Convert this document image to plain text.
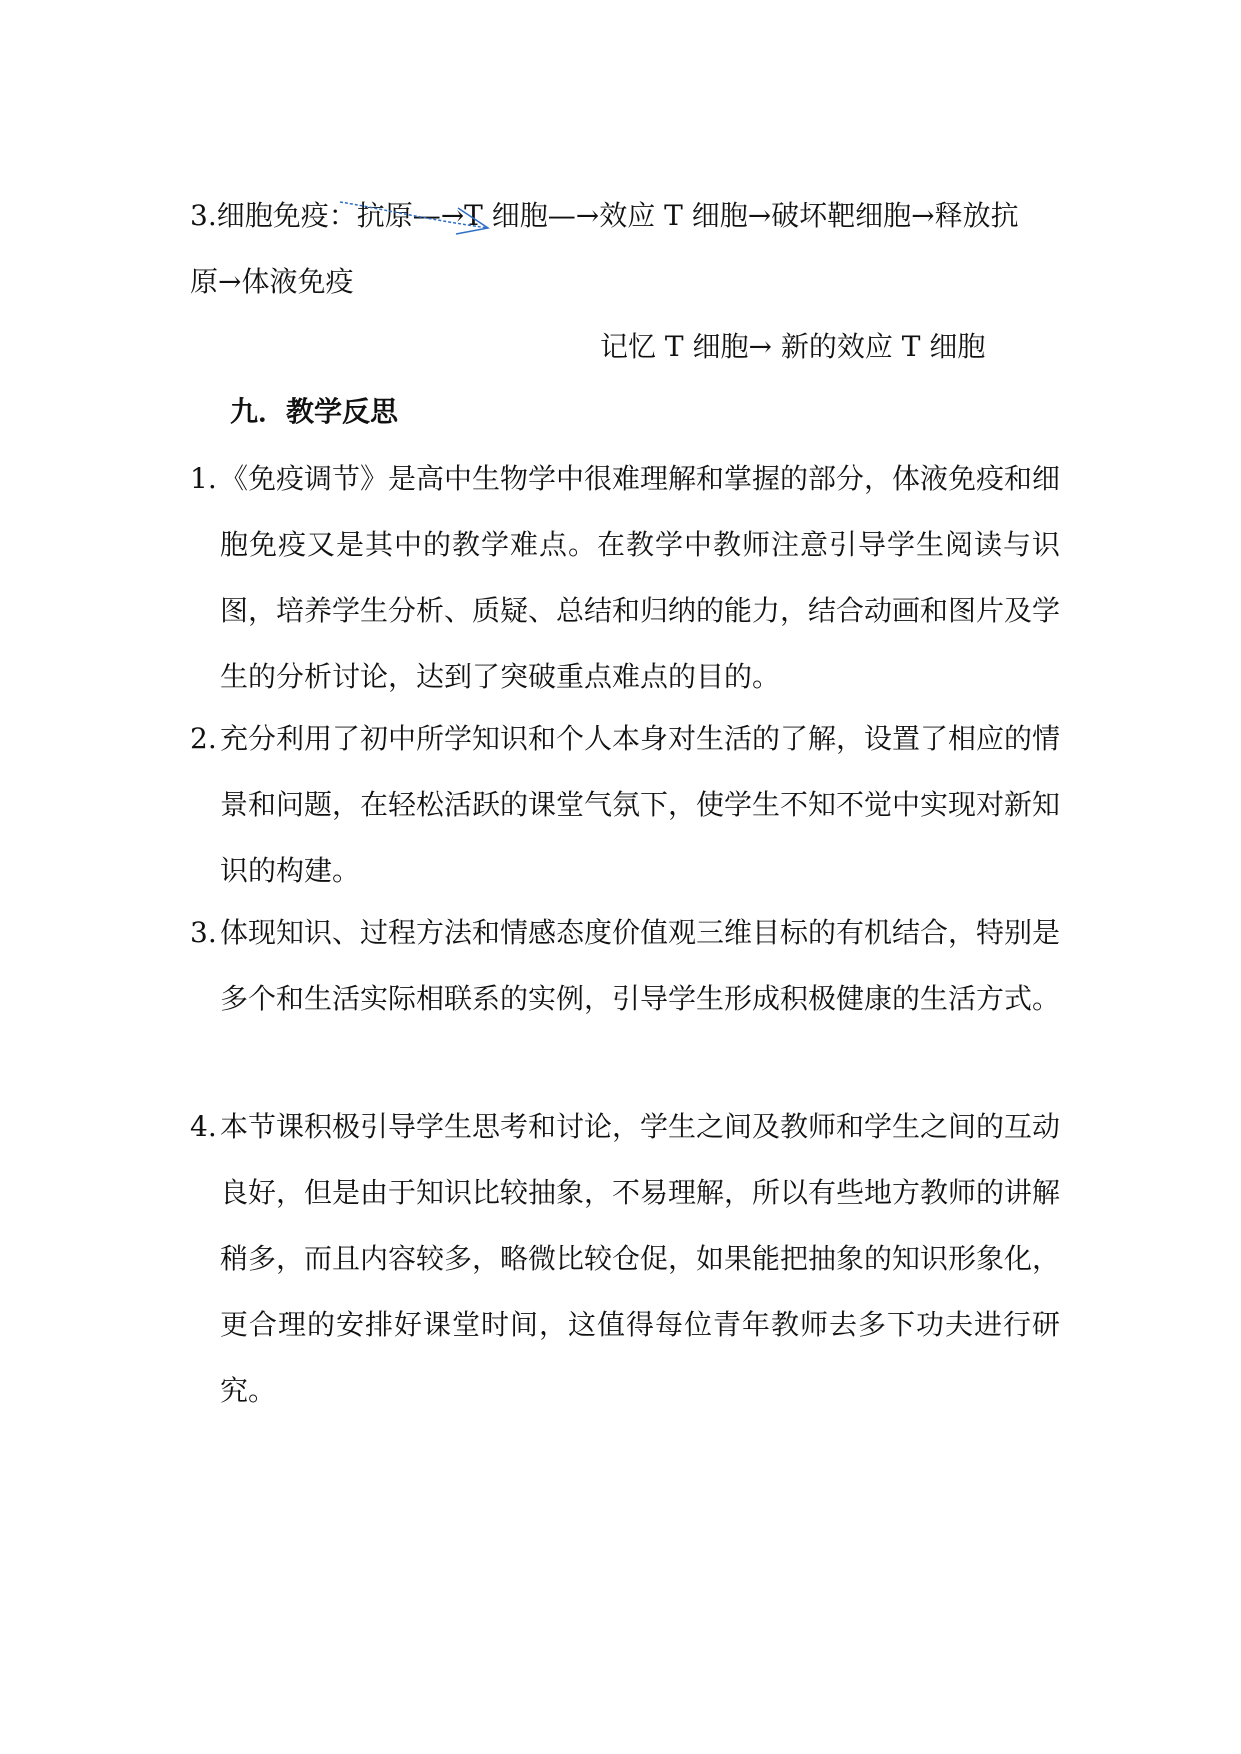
3.细胞免疫：抗原—→T 细胞—→效应 T 细胞→破坏靶细胞→释放抗
原→体液免疫
记忆 T 细胞→ 新的效应 T 细胞
九．教学反思
1. 《免疫调节》是高中生物学中很难理解和掌握的部分，体液免疫和细胞免疫又是其中的教学难点。在教学中教师注意引导学生阅读与识图，培养学生分析、质疑、总结和归纳的能力，结合动画和图片及学生的分析讨论，达到了突破重点难点的目的。
2. 充分利用了初中所学知识和个人本身对生活的了解，设置了相应的情景和问题，在轻松活跃的课堂气氛下，使学生不知不觉中实现对新知识的构建。
3. 体现知识、过程方法和情感态度价值观三维目标的有机结合，特别是多个和生活实际相联系的实例，引导学生形成积极健康的生活方式。
4. 本节课积极引导学生思考和讨论，学生之间及教师和学生之间的互动良好，但是由于知识比较抽象，不易理解，所以有些地方教师的讲解稍多，而且内容较多，略微比较仓促，如果能把抽象的知识形象化，更合理的安排好课堂时间，这值得每位青年教师去多下功夫进行研究。
